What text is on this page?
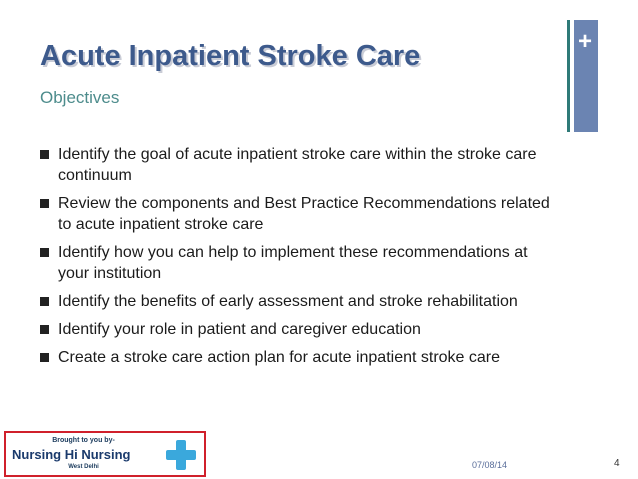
+
Acute Inpatient Stroke Care
Objectives
Identify the goal of acute inpatient stroke care within the stroke care continuum
Review the components and Best Practice Recommendations related to acute inpatient stroke care
Identify how you can help to implement these recommendations at your institution
Identify the benefits of early assessment and stroke rehabilitation
Identify your role in patient and caregiver education
Create a stroke care action plan for acute inpatient stroke care
Brought to you by-
Nursing Hi Nursing
West Delhi	07/08/14	4
